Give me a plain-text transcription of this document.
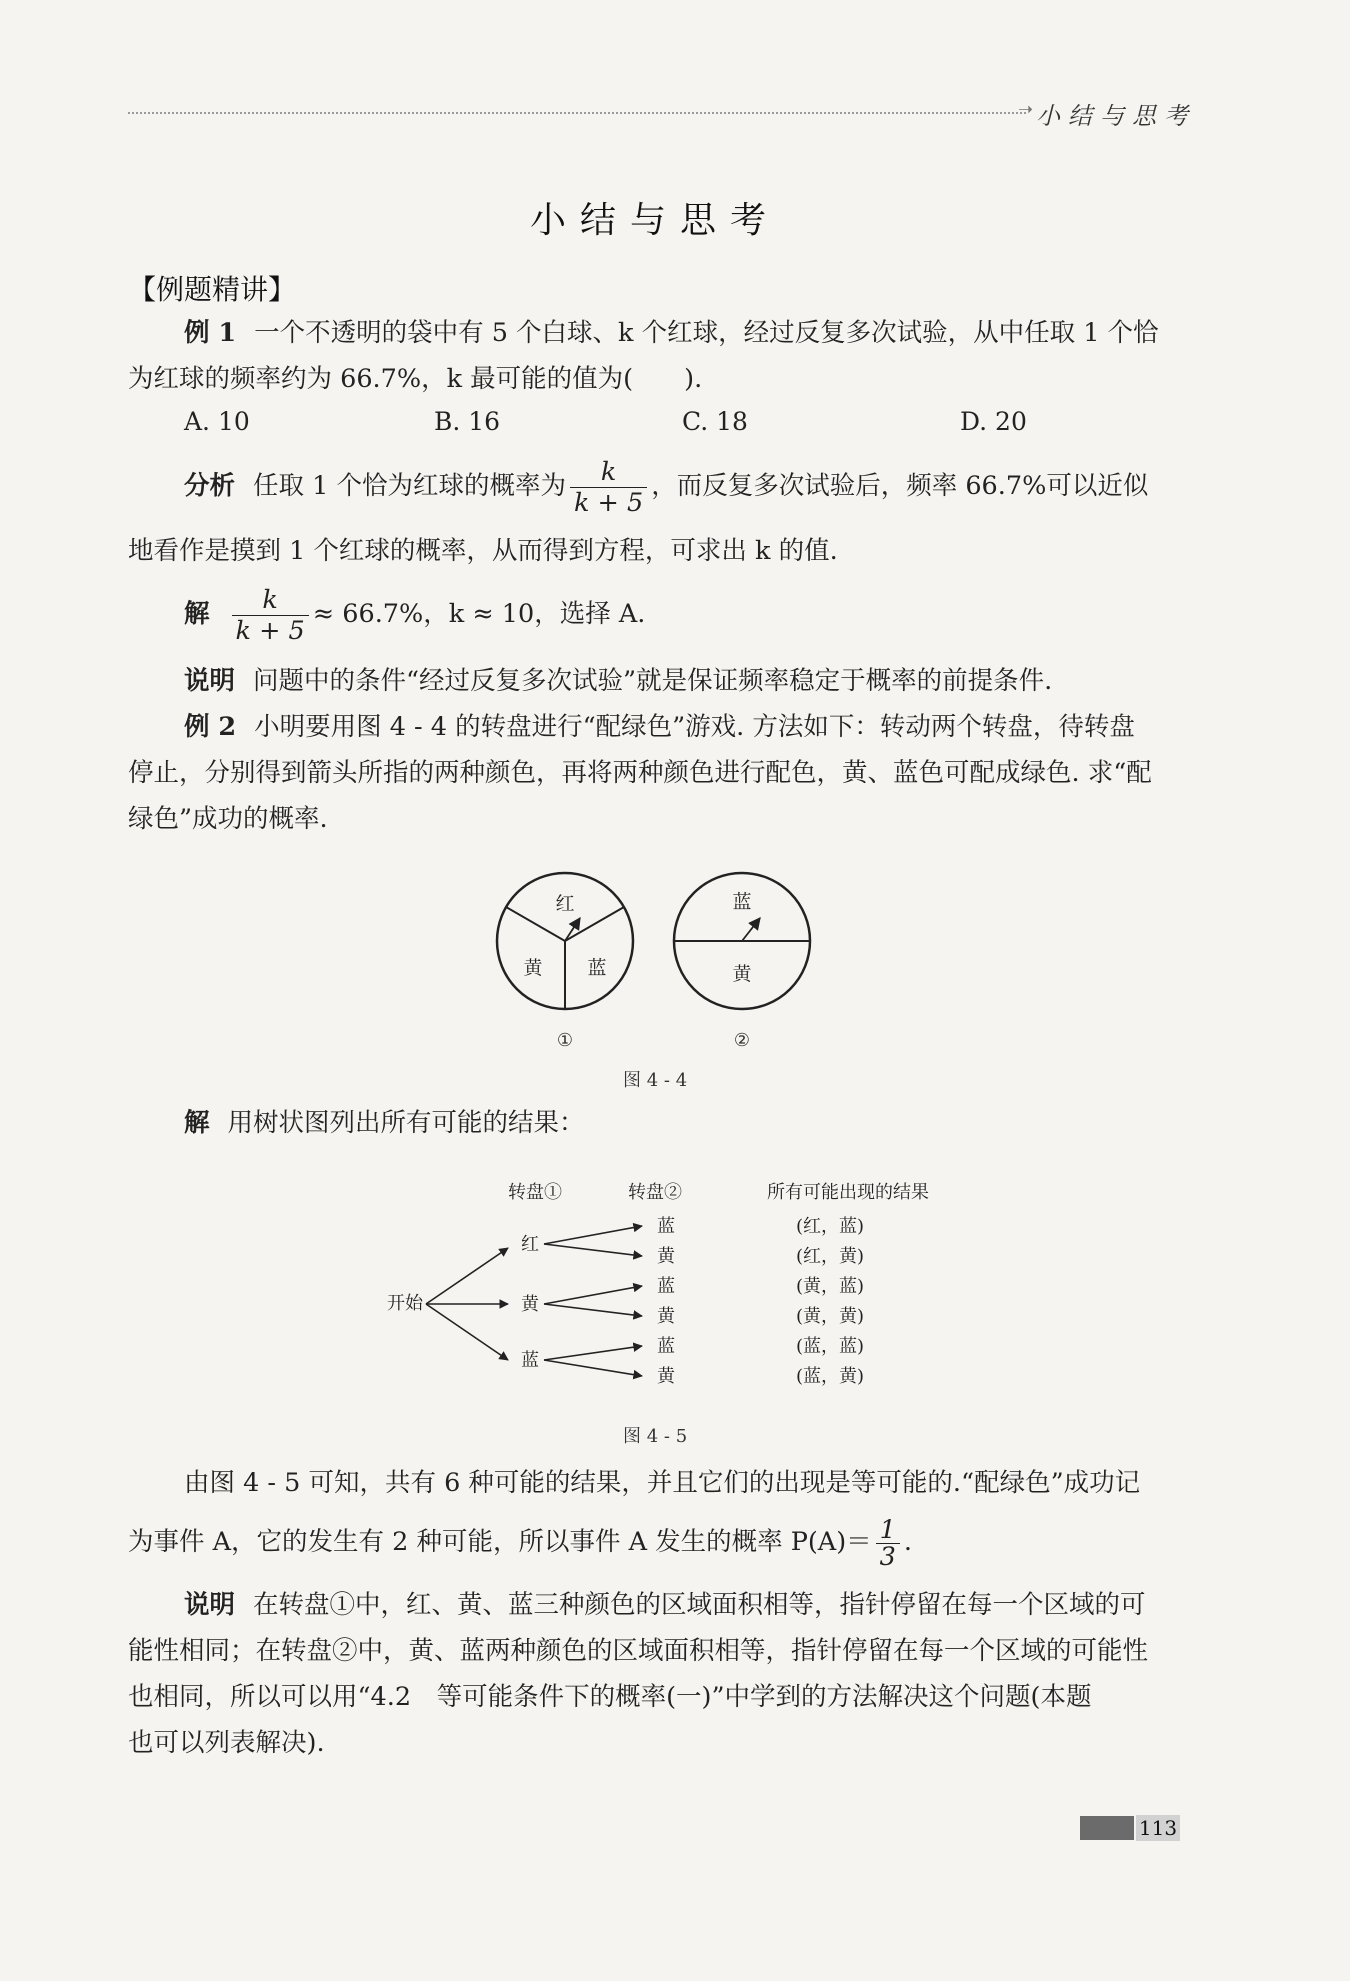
➝ 小结与思考
小结与思考
【例题精讲】
例 1 一个不透明的袋中有 5 个白球、k 个红球，经过反复多次试验，从中任取 1 个恰
为红球的频率约为 66.7%，k 最可能的值为(　　).
A. 10	B. 16	C. 18	D. 20
分析 任取 1 个恰为红球的概率为 $\frac{k}{k + 5}$ ，而反复多次试验后，频率 66.7%可以近似
地看作是摸到 1 个红球的概率，从而得到方程，可求出 k 的值.
解 $\frac{k}{k + 5} \approx 66.7\%$，k ≈ 10，选择 A.
说明 问题中的条件“经过反复多次试验”就是保证频率稳定于概率的前提条件.
例 2 小明要用图 4 - 4 的转盘进行“配绿色”游戏. 方法如下：转动两个转盘，待转盘
停止，分别得到箭头所指的两种颜色，再将两种颜色进行配色，黄、蓝色可配成绿色. 求“配
绿色”成功的概率.
红
黄 蓝
①
蓝
黄
②
图 4 - 4
解 用树状图列出所有可能的结果：
转盘①	转盘②	所有可能出现的结果
开始
红
黄
蓝
蓝
黄
蓝
黄
蓝
黄
(红，蓝)
(红，黄)
(黄，蓝)
(黄，黄)
(蓝，蓝)
(蓝，黄)
图 4 - 5
由图 4 - 5 可知，共有 6 种可能的结果，并且它们的出现是等可能的.“配绿色”成功记
为事件 A，它的发生有 2 种可能，所以事件 A 发生的概率 $P(A)= \frac{1}{3}$ .
说明 在转盘①中，红、黄、蓝三种颜色的区域面积相等，指针停留在每一个区域的可
能性相同；在转盘②中，黄、蓝两种颜色的区域面积相等，指针停留在每一个区域的可能性
也相同，所以可以用“4.2　等可能条件下的概率(一)”中学到的方法解决这个问题(本题
也可以列表解决).
113
